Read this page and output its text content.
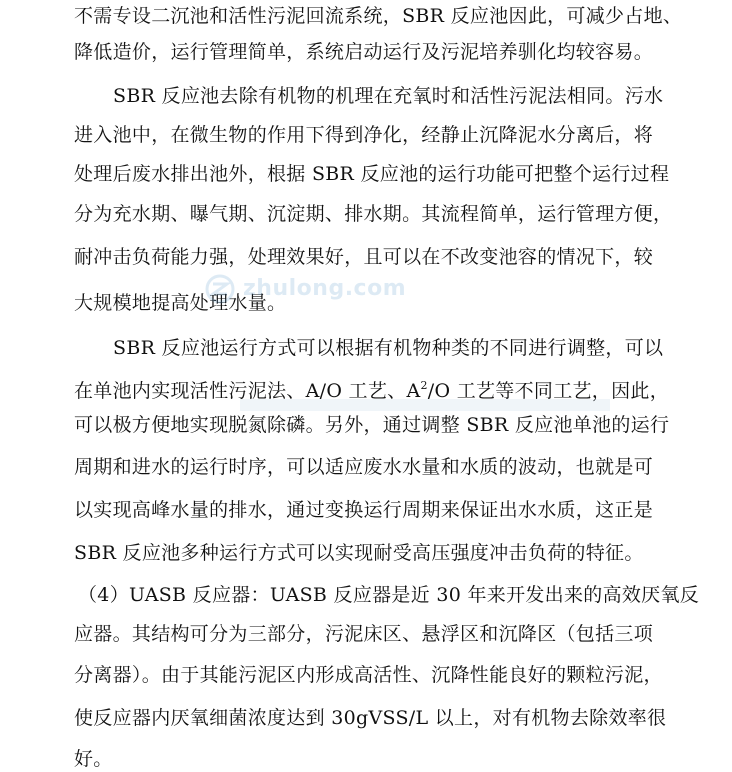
不需专设二沉池和活性污泥回流系统，SBR 反应池因此，可减少占地、
降低造价，运行管理简单，系统启动运行及污泥培养驯化均较容易。
SBR 反应池去除有机物的机理在充氧时和活性污泥法相同。污水
进入池中，在微生物的作用下得到净化，经静止沉降泥水分离后，将
处理后废水排出池外，根据 SBR 反应池的运行功能可把整个运行过程
分为充水期、曝气期、沉淀期、排水期。其流程简单，运行管理方便，
耐冲击负荷能力强，处理效果好，且可以在不改变池容的情况下，较
大规模地提高处理水量。
SBR 反应池运行方式可以根据有机物种类的不同进行调整，可以
在单池内实现活性污泥法、A/O 工艺、$A^2/O$ 工艺等不同工艺，因此，
可以极方便地实现脱氮除磷。另外，通过调整 SBR 反应池单池的运行
周期和进水的运行时序，可以适应废水水量和水质的波动，也就是可
以实现高峰水量的排水，通过变换运行周期来保证出水水质，这正是
SBR 反应池多种运行方式可以实现耐受高压强度冲击负荷的特征。
（4）UASB 反应器：UASB 反应器是近 30 年来开发出来的高效厌氧反
应器。其结构可分为三部分，污泥床区、悬浮区和沉降区（包括三项
分离器）。由于其能污泥区内形成高活性、沉降性能良好的颗粒污泥，
使反应器内厌氧细菌浓度达到 30gVSS/L 以上，对有机物去除效率很
好。
zhulong.com
